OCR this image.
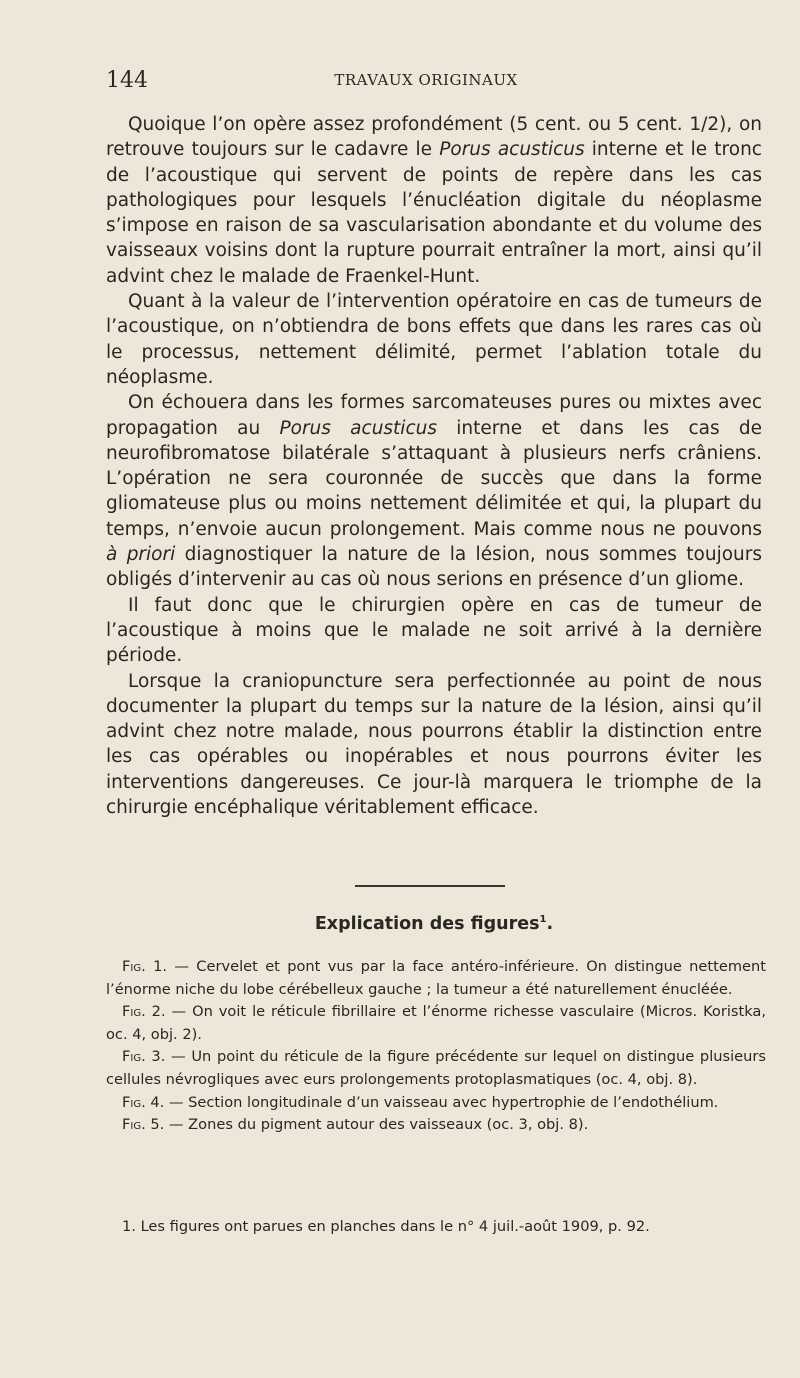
144	TRAVAUX ORIGINAUX

Quoique l’on opère assez profondément (5 cent. ou 5 cent. 1/2), on retrouve toujours sur le cadavre le Porus acusticus interne et le tronc de l’acoustique qui servent de points de repère dans les cas pathologiques pour lesquels l’énucléation digitale du néoplasme s’impose en raison de sa vascularisation abondante et du volume des vaisseaux voisins dont la rupture pourrait entraîner la mort, ainsi qu’il advint chez le malade de Fraenkel-Hunt.

Quant à la valeur de l’intervention opératoire en cas de tumeurs de l’acoustique, on n’obtiendra de bons effets que dans les rares cas où le processus, nettement délimité, permet l’ablation totale du néoplasme.

On échouera dans les formes sarcomateuses pures ou mixtes avec propagation au Porus acusticus interne et dans les cas de neurofibromatose bilatérale s’attaquant à plusieurs nerfs crâniens. L’opération ne sera couronnée de succès que dans la forme gliomateuse plus ou moins nettement délimitée et qui, la plupart du temps, n’envoie aucun prolongement. Mais comme nous ne pouvons à priori diagnostiquer la nature de la lésion, nous sommes toujours obligés d’intervenir au cas où nous serions en présence d’un gliome.

Il faut donc que le chirurgien opère en cas de tumeur de l’acoustique à moins que le malade ne soit arrivé à la dernière période.

Lorsque la craniopuncture sera perfectionnée au point de nous documenter la plupart du temps sur la nature de la lésion, ainsi qu’il advint chez notre malade, nous pourrons établir la distinction entre les cas opérables ou inopérables et nous pourrons éviter les interventions dangereuses. Ce jour-là marquera le triomphe de la chirurgie encéphalique véritablement efficace.

Explication des figures$^1$.

Fig. 1. — Cervelet et pont vus par la face antéro-inférieure. On distingue nettement l’énorme niche du lobe cérébelleux gauche ; la tumeur a été naturellement énucléée.

Fig. 2. — On voit le réticule fibrillaire et l’énorme richesse vasculaire (Micros. Koristka, oc. 4, obj. 2).

Fig. 3. — Un point du réticule de la figure précédente sur lequel on distingue plusieurs cellules névrogliques avec eurs prolongements protoplasmatiques (oc. 4, obj. 8).

Fig. 4. — Section longitudinale d’un vaisseau avec hypertrophie de l’endothélium.

Fig. 5. — Zones du pigment autour des vaisseaux (oc. 3, obj. 8).

1. Les figures ont parues en planches dans le n° 4 juil.-août 1909, p. 92.
